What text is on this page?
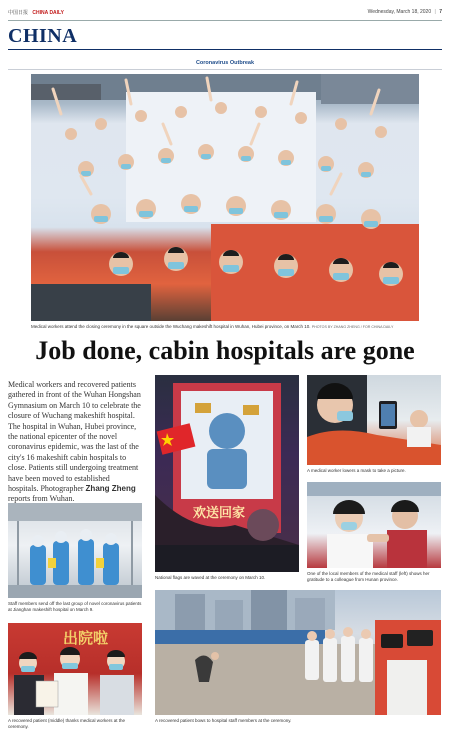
中国日报 CHINA DAILY	Wednesday, March 18, 2020 | 7
CHINA
Coronavirus Outbreak
Medical workers attend the closing ceremony in the square outside the Wuchang makeshift hospital in Wuhan, Hubei province, on March 10. PHOTOS BY ZHANG ZHENG / FOR CHINA DAILY
Job done, cabin hospitals are gone
Medical workers and recovered patients gathered in front of the Wuhan Hongshan Gymnasium on March 10 to celebrate the closure of Wuchang makeshift hospital. The hospital in Wuhan, Hubei province, the national epicenter of the novel coronavirus epidemic, was the last of the city's 16 makeshift cabin hospitals to close. Patients still undergoing treatment have been moved to established hospitals. Photographer Zhang Zheng reports from Wuhan.
Staff members send off the last group of novel coronavirus patients at Jianghan makeshift hospital on March 9.
出院啦
A recovered patient (middle) thanks medical workers at the ceremony.
欢送回家
National flags are waved at the ceremony on March 10.
A medical worker lowers a mask to take a picture.
One of the local members of the medical staff (left) shows her gratitude to a colleague from Hunan province.
A recovered patient bows to hospital staff members at the ceremony.
